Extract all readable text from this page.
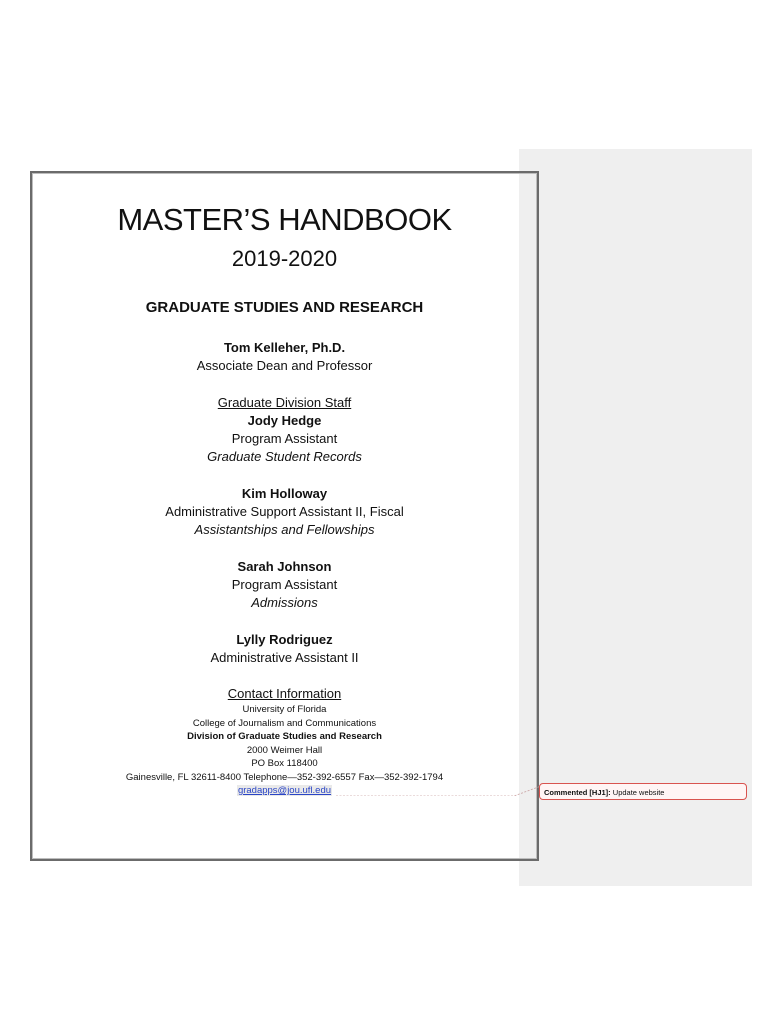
MASTER’S HANDBOOK
2019-2020
GRADUATE STUDIES AND RESEARCH
Tom Kelleher, Ph.D.
Associate Dean and Professor
Graduate Division Staff
Jody Hedge
Program Assistant
Graduate Student Records
Kim Holloway
Administrative Support Assistant II, Fiscal
Assistantships and Fellowships
Sarah Johnson
Program Assistant
Admissions
Lylly Rodriguez
Administrative Assistant II
Contact Information
University of Florida
College of Journalism and Communications
Division of Graduate Studies and Research
2000 Weimer Hall
PO Box 118400
Gainesville, FL 32611-8400 Telephone—352-392-6557 Fax—352-392-1794
gradapps@jou.ufl.edu	Commented [HJ1]: Update website
